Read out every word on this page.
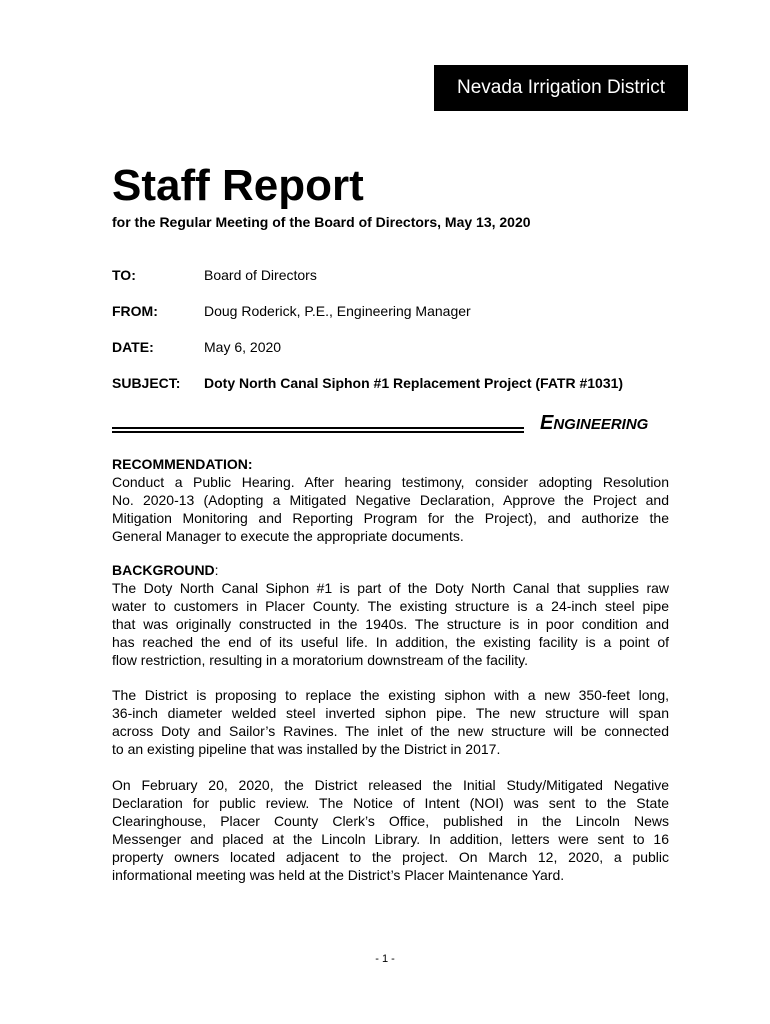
Nevada Irrigation District
Staff Report
for the Regular Meeting of the Board of Directors, May 13, 2020
TO:	Board of Directors
FROM:	Doug Roderick, P.E., Engineering Manager
DATE:	May 6, 2020
SUBJECT: Doty North Canal Siphon #1 Replacement Project (FATR #1031)
ENGINEERING
RECOMMENDATION:
Conduct a Public Hearing. After hearing testimony, consider adopting Resolution
No. 2020-13 (Adopting a Mitigated Negative Declaration, Approve the Project and
Mitigation Monitoring and Reporting Program for the Project), and authorize the
General Manager to execute the appropriate documents.
BACKGROUND:
The Doty North Canal Siphon #1 is part of the Doty North Canal that supplies raw
water to customers in Placer County. The existing structure is a 24-inch steel pipe
that was originally constructed in the 1940s. The structure is in poor condition and
has reached the end of its useful life. In addition, the existing facility is a point of
flow restriction, resulting in a moratorium downstream of the facility.
The District is proposing to replace the existing siphon with a new 350-feet long,
36-inch diameter welded steel inverted siphon pipe. The new structure will span
across Doty and Sailor’s Ravines. The inlet of the new structure will be connected
to an existing pipeline that was installed by the District in 2017.
On February 20, 2020, the District released the Initial Study/Mitigated Negative
Declaration for public review. The Notice of Intent (NOI) was sent to the State
Clearinghouse, Placer County Clerk’s Office, published in the Lincoln News
Messenger and placed at the Lincoln Library. In addition, letters were sent to 16
property owners located adjacent to the project. On March 12, 2020, a public
informational meeting was held at the District’s Placer Maintenance Yard.
- 1 -
